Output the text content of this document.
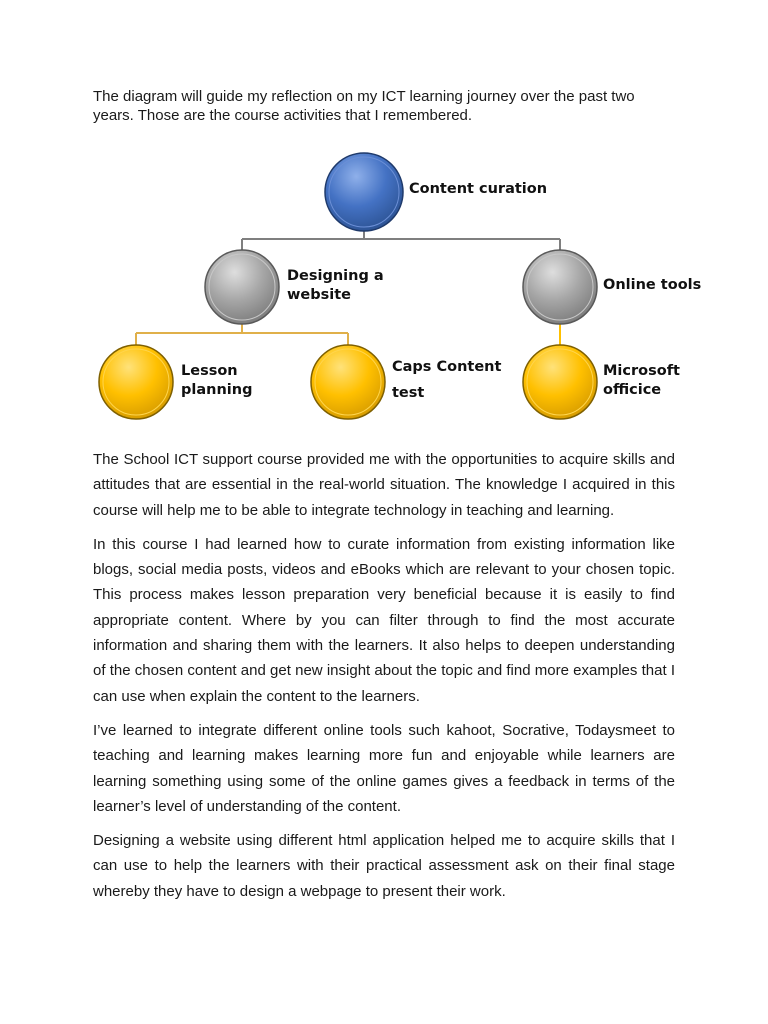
The diagram will guide my reflection on my ICT learning journey over the past two years. Those are the course activities that I remembered.

Content curation
Designing a website
Online tools
Lesson planning
Caps Content
test
Microsoft officice

The School ICT support course provided me with the opportunities to acquire skills and attitudes that are essential in the real-world situation. The knowledge I acquired in this course will help me to be able to integrate technology in teaching and learning.

In this course I had learned how to curate information from existing information like blogs, social media posts, videos and eBooks which are relevant to your chosen topic. This process makes lesson preparation very beneficial because it is easily to find appropriate content. Where by you can filter through to find the most accurate information and sharing them with the learners. It also helps to deepen understanding of the chosen content and get new insight about the topic and find more examples that I can use when explain the content to the learners.

I’ve learned to integrate different online tools such kahoot, Socrative, Todaysmeet to teaching and learning makes learning more fun and enjoyable while learners are learning something using some of the online games gives a feedback in terms of the learner’s level of understanding of the content.

Designing a website using different html application helped me to acquire skills that I can use to help the learners with their practical assessment ask on their final stage whereby they have to design a webpage to present their work.
